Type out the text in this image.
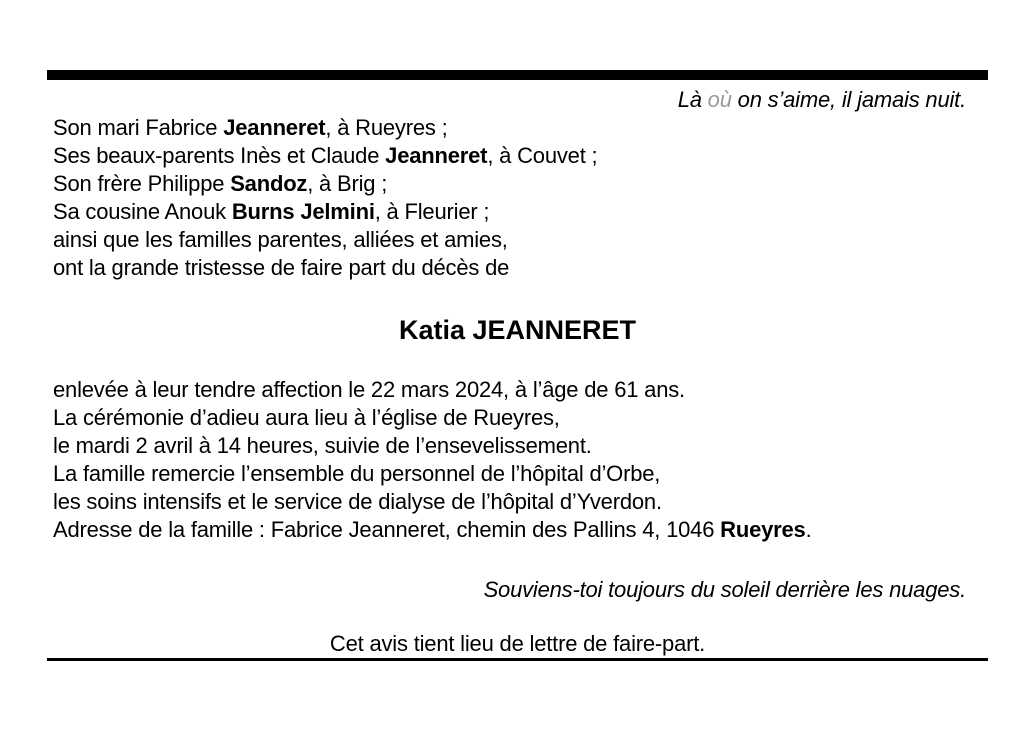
Là où on s’aime, il jamais nuit.
Son mari Fabrice Jeanneret, à Rueyres ;
Ses beaux-parents Inès et Claude Jeanneret, à Couvet ;
Son frère Philippe Sandoz, à Brig ;
Sa cousine Anouk Burns Jelmini, à Fleurier ;
ainsi que les familles parentes, alliées et amies,
ont la grande tristesse de faire part du décès de
Katia JEANNERET
enlevée à leur tendre affection le 22 mars 2024, à l’âge de 61 ans.
La cérémonie d’adieu aura lieu à l’église de Rueyres,
le mardi 2 avril à 14 heures, suivie de l’ensevelissement.
La famille remercie l’ensemble du personnel de l’hôpital d’Orbe,
les soins intensifs et le service de dialyse de l’hôpital d’Yverdon.
Adresse de la famille : Fabrice Jeanneret, chemin des Pallins 4, 1046 Rueyres.
Souviens-toi toujours du soleil derrière les nuages.
Cet avis tient lieu de lettre de faire-part.
